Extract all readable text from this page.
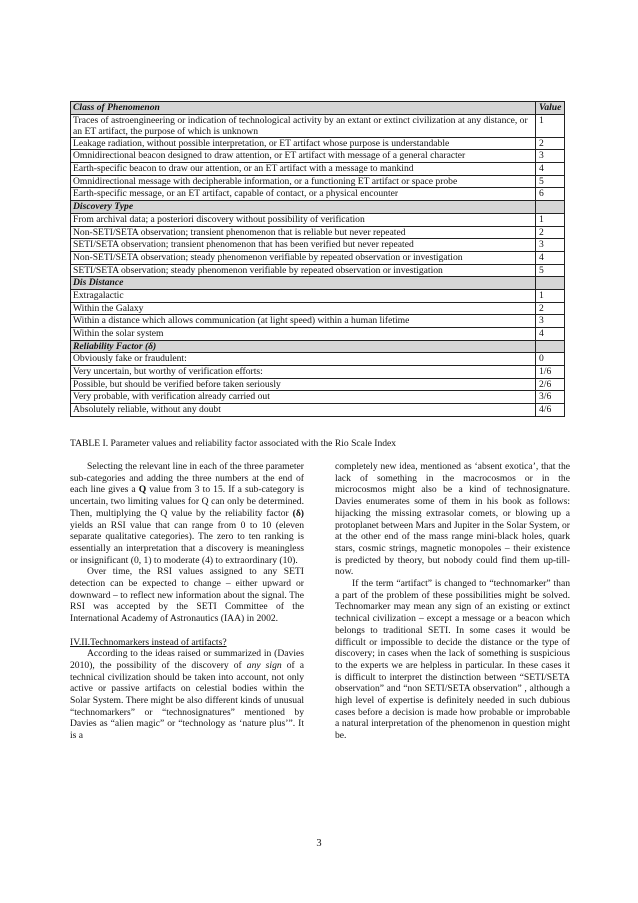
Class of Phenomenon	Value
Traces of astroengineering or indication of technological activity by an extant or extinct civilization at any distance, or an ET artifact, the purpose of which is unknown	1
Leakage radiation, without possible interpretation, or ET artifact whose purpose is understandable	2
Omnidirectional beacon designed to draw attention, or ET artifact with message of a general character	3
Earth-specific beacon to draw our attention, or an ET artifact with a message to mankind	4
Omnidirectional message with decipherable information, or a functioning ET artifact or space probe	5
Earth-specific message, or an ET artifact, capable of contact, or a physical encounter	6
Discovery Type	
From archival data; a posteriori discovery without possibility of verification	1
Non-SETI/SETA observation; transient phenomenon that is reliable but never repeated	2
SETI/SETA observation; transient phenomenon that has been verified but never repeated	3
Non-SETI/SETA observation; steady phenomenon verifiable by repeated observation or investigation	4
SETI/SETA observation; steady phenomenon verifiable by repeated observation or investigation	5
Dis Distance	
Extragalactic	1
Within the Galaxy	2
Within a distance which allows communication (at light speed) within a human lifetime	3
Within the solar system	4
Reliability Factor (δ)	
Obviously fake or fraudulent:	0
Very uncertain, but worthy of verification efforts:	1/6
Possible, but should be verified before taken seriously	2/6
Very probable, with verification already carried out	3/6
Absolutely reliable, without any doubt	4/6
TABLE I. Parameter values and reliability factor associated with the Rio Scale Index

Selecting the relevant line in each of the three parameter sub-categories and adding the three numbers at the end of each line gives a Q value from 3 to 15. If a sub-category is uncertain, two limiting values for Q can only be determined. Then, multiplying the Q value by the reliability factor (δ) yields an RSI value that can range from 0 to 10 (eleven separate qualitative categories). The zero to ten ranking is essentially an interpretation that a discovery is meaningless or insignificant (0, 1) to moderate (4) to extraordinary (10).

Over time, the RSI values assigned to any SETI detection can be expected to change – either upward or downward – to reflect new information about the signal. The RSI was accepted by the SETI Committee of the International Academy of Astronautics (IAA) in 2002.

IV.II.Technomarkers instead of artifacts?

According to the ideas raised or summarized in (Davies 2010), the possibility of the discovery of any sign of a technical civilization should be taken into account, not only active or passive artifacts on celestial bodies within the Solar System. There might be also different kinds of unusual “technomarkers” or “technosignatures” mentioned by Davies as “alien magic” or “technology as ‘nature plus’”. It is a

completely new idea, mentioned as ‘absent exotica’, that the lack of something in the macrocosmos or in the microcosmos might also be a kind of technosignature. Davies enumerates some of them in his book as follows: hijacking the missing extrasolar comets, or blowing up a protoplanet between Mars and Jupiter in the Solar System, or at the other end of the mass range mini-black holes, quark stars, cosmic strings, magnetic monopoles – their existence is predicted by theory, but nobody could find them up-till-now.

If the term “artifact” is changed to “technomarker” than a part of the problem of these possibilities might be solved. Technomarker may mean any sign of an existing or extinct technical civilization – except a message or a beacon which belongs to traditional SETI. In some cases it would be difficult or impossible to decide the distance or the type of discovery; in cases when the lack of something is suspicious to the experts we are helpless in particular. In these cases it is difficult to interpret the distinction between “SETI/SETA observation” and “non SETI/SETA observation” , although a high level of expertise is definitely needed in such dubious cases before a decision is made how probable or improbable a natural interpretation of the phenomenon in question might be.

3
